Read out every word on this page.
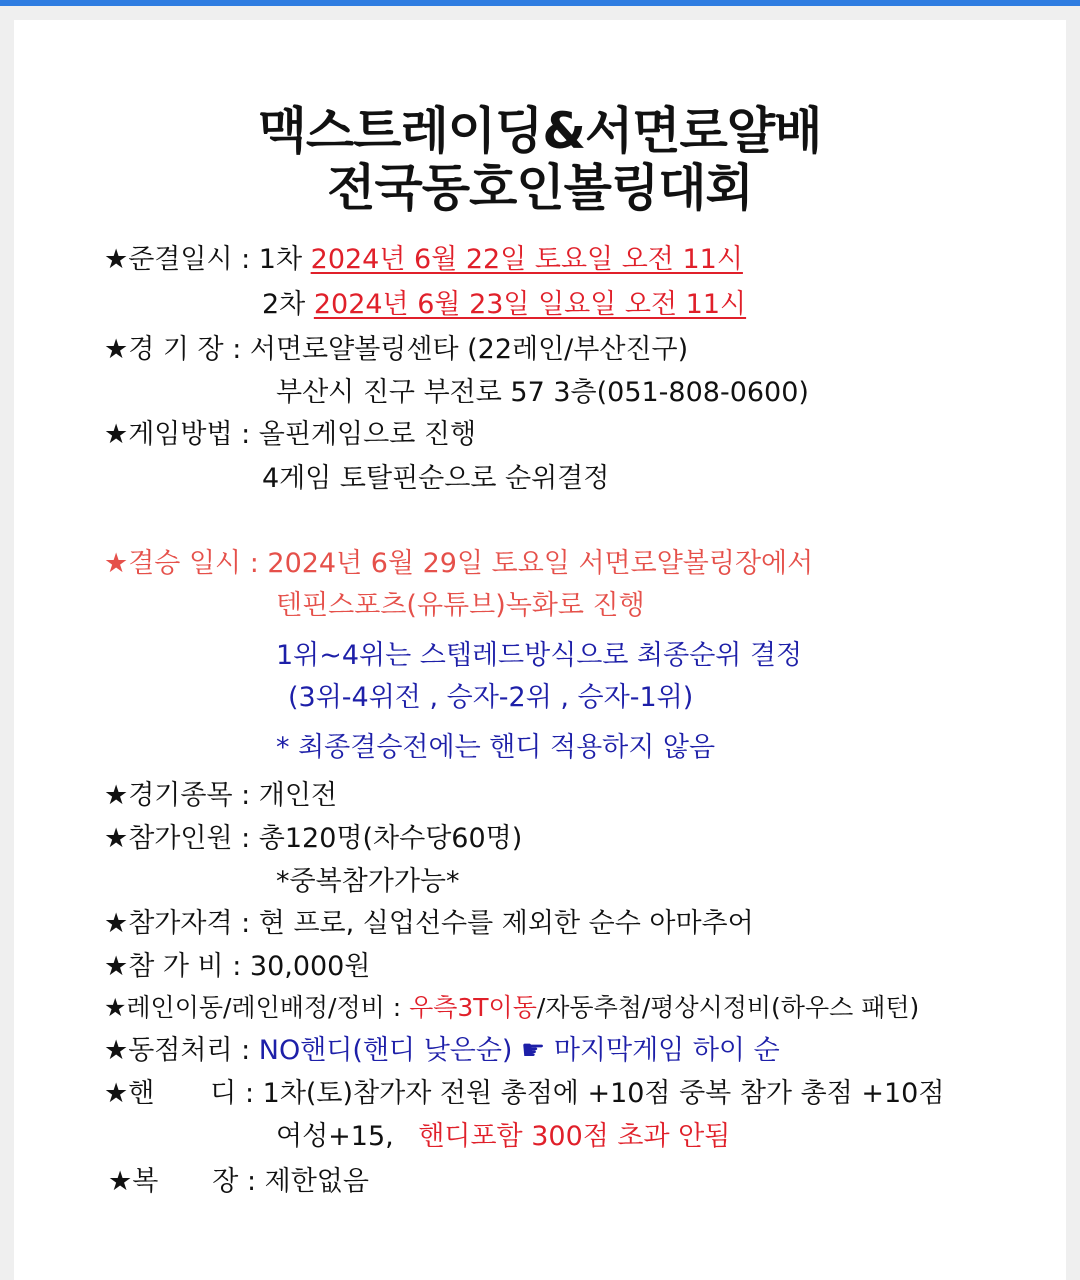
맥스트레이딩&서면로얄배
전국동호인볼링대회
★준결일시 : 1차 2024년 6월 22일 토요일 오전 11시
2차 2024년 6월 23일 일요일 오전 11시
★경 기 장 : 서면로얄볼링센타 (22레인/부산진구)
부산시 진구 부전로 57 3층(051-808-0600)
★게임방법 : 올핀게임으로 진행
4게임 토탈핀순으로 순위결정
★결승 일시 : 2024년 6월 29일 토요일 서면로얄볼링장에서
텐핀스포츠(유튜브)녹화로 진행
1위~4위는 스텝레드방식으로 최종순위 결정
(3위-4위전 , 승자-2위 , 승자-1위)
* 최종결승전에는 핸디 적용하지 않음
★경기종목 : 개인전
★참가인원 : 총120명(차수당60명)
*중복참가가능*
★참가자격 : 현 프로, 실업선수를 제외한 순수 아마추어
★참 가 비 : 30,000원
★레인이동/레인배정/정비 : 우측3T이동/자동추첨/평상시정비(하우스 패턴)
★동점처리 : NO핸디(핸디 낮은순) ☛ 마지막게임 하이 순
★핸 디 : 1차(토)참가자 전원 총점에 +10점 중복 참가 총점 +10점
여성+15, 핸디포함 300점 초과 안됨
★복 장 : 제한없음
